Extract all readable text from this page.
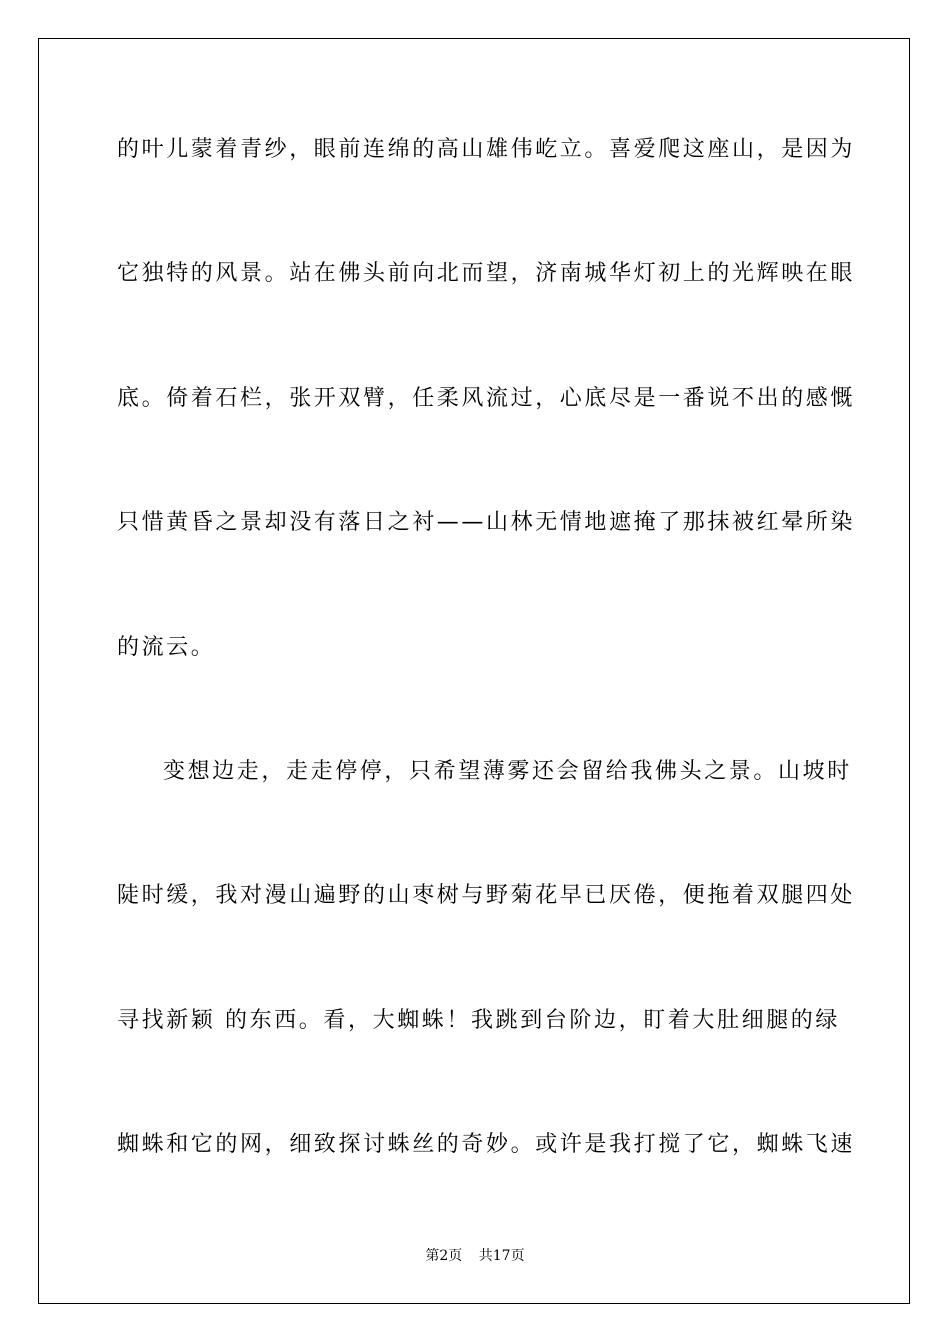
的叶儿蒙着青纱，眼前连绵的高山雄伟屹立。喜爱爬这座山，是因为
它独特的风景。站在佛头前向北而望，济南城华灯初上的光辉映在眼
底。倚着石栏，张开双臂，任柔风流过，心底尽是一番说不出的感慨
只惜黄昏之景却没有落日之衬——山林无情地遮掩了那抹被红晕所染
的流云。
变想边走，走走停停，只希望薄雾还会留给我佛头之景。山坡时
陡时缓，我对漫山遍野的山枣树与野菊花早已厌倦，便拖着双腿四处
寻找新颖 的东西。看，大蜘蛛！我跳到台阶边，盯着大肚细腿的绿
蜘蛛和它的网，细致探讨蛛丝的奇妙。或许是我打搅了它，蜘蛛飞速
第2页 共17页
